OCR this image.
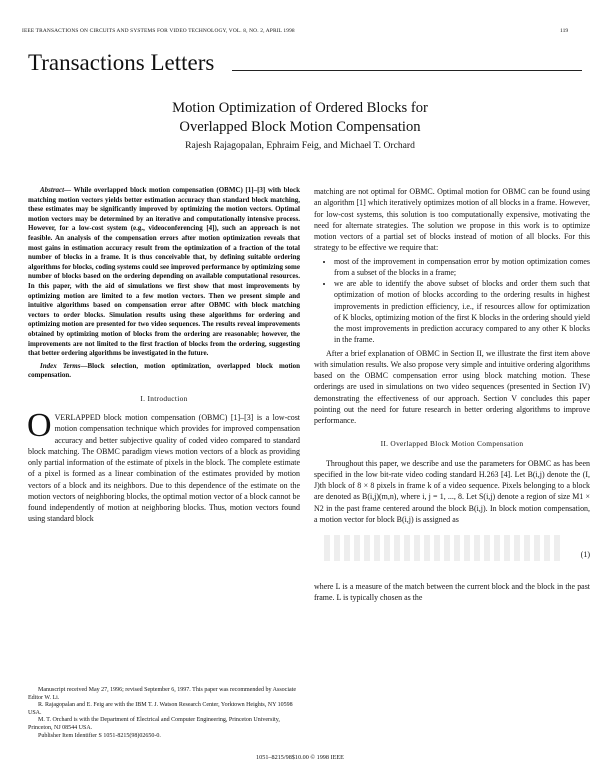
IEEE TRANSACTIONS ON CIRCUITS AND SYSTEMS FOR VIDEO TECHNOLOGY, VOL. 8, NO. 2, APRIL 1998	119
Transactions Letters
Motion Optimization of Ordered Blocks for
Overlapped Block Motion Compensation
Rajesh Rajagopalan, Ephraim Feig, and Michael T. Orchard

Abstract— While overlapped block motion compensation (OBMC) [1]–[3] with block matching motion vectors yields better estimation accuracy than standard block matching, these estimates may be significantly improved by optimizing the motion vectors. Optimal motion vectors may be determined by an iterative and computationally intensive process. However, for a low-cost system (e.g., videoconferencing [4]), such an approach is not feasible. An analysis of the compensation errors after motion optimization reveals that most gains in estimation accuracy result from the optimization of a fraction of the total number of blocks in a frame. It is thus conceivable that, by defining suitable ordering algorithms for blocks, coding systems could see improved performance by optimizing some number of blocks based on the ordering depending on available computational resources. In this paper, with the aid of simulations we first show that most improvements by optimizing motion are limited to a few motion vectors. Then we present simple and intuitive algorithms based on compensation error after OBMC with block matching vectors to order blocks. Simulation results using these algorithms for ordering and optimizing motion are presented for two video sequences. The results reveal improvements obtained by optimizing motion of blocks from the ordering are reasonable; however, the improvements are not limited to the first fraction of blocks from the ordering, suggesting that better ordering algorithms be investigated in the future.

Index Terms—Block selection, motion optimization, overlapped block motion compensation.

I. Introduction

OVERLAPPED block motion compensation (OBMC) [1]–[3] is a low-cost motion compensation technique which provides for improved compensation accuracy and better subjective quality of coded video compared to standard block matching. The OBMC paradigm views motion vectors of a block as providing only partial information of the estimate of pixels in the block. The complete estimate of a pixel is formed as a linear combination of the estimates provided by motion vectors of a block and its neighbors. Due to this dependence of the estimate on the motion vectors of neighboring blocks, the optimal motion vector of a block cannot be found independently of motion at neighboring blocks. Thus, motion vectors found using standard block

Manuscript received May 27, 1996; revised September 6, 1997. This paper was recommended by Associate Editor W. Li.

R. Rajagopalan and E. Feig are with the IBM T. J. Watson Research Center, Yorktown Heights, NY 10598 USA.

M. T. Orchard is with the Department of Electrical and Computer Engineering, Princeton University, Princeton, NJ 08544 USA.

Publisher Item Identifier S 1051-8215(98)02650-0.

matching are not optimal for OBMC. Optimal motion for OBMC can be found using an algorithm [1] which iteratively optimizes motion of all blocks in a frame. However, for low-cost systems, this solution is too computationally expensive, motivating the need for alternate strategies. The solution we propose in this work is to optimize motion vectors of a partial set of blocks instead of motion of all blocks. For this strategy to be effective we require that:

• most of the improvement in compensation error by motion optimization comes from a subset of the blocks in a frame;
• we are able to identify the above subset of blocks and order them such that optimization of motion of blocks according to the ordering results in highest improvements in prediction efficiency, i.e., if resources allow for optimization of K blocks, optimizing motion of the first K blocks in the ordering should yield the most improvements in prediction accuracy compared to any other K blocks in the frame.

After a brief explanation of OBMC in Section II, we illustrate the first item above with simulation results. We also propose very simple and intuitive ordering algorithms based on the OBMC compensation error using block matching motion. These orderings are used in simulations on two video sequences (presented in Section IV) demonstrating the effectiveness of our approach. Section V concludes this paper pointing out the need for future research in better ordering algorithms to improve performance.

II. Overlapped Block Motion Compensation

Throughout this paper, we describe and use the parameters for OBMC as has been specified in the low bit-rate video coding standard H.263 [4]. Let B(i,j) denote the (I, J)th block of 8 × 8 pixels in frame k of a video sequence. Pixels belonging to a block are denoted as B(i,j)(m,n), where i, j = 1, ..., 8. Let S(i,j) denote a region of size M1 × N2 in the past frame centered around the block B(i,j). In block motion compensation, a motion vector for block B(i,j) is assigned as

(1)

where L is a measure of the match between the current block and the block in the past frame. L is typically chosen as the

1051–8215/98$10.00 © 1998 IEEE
